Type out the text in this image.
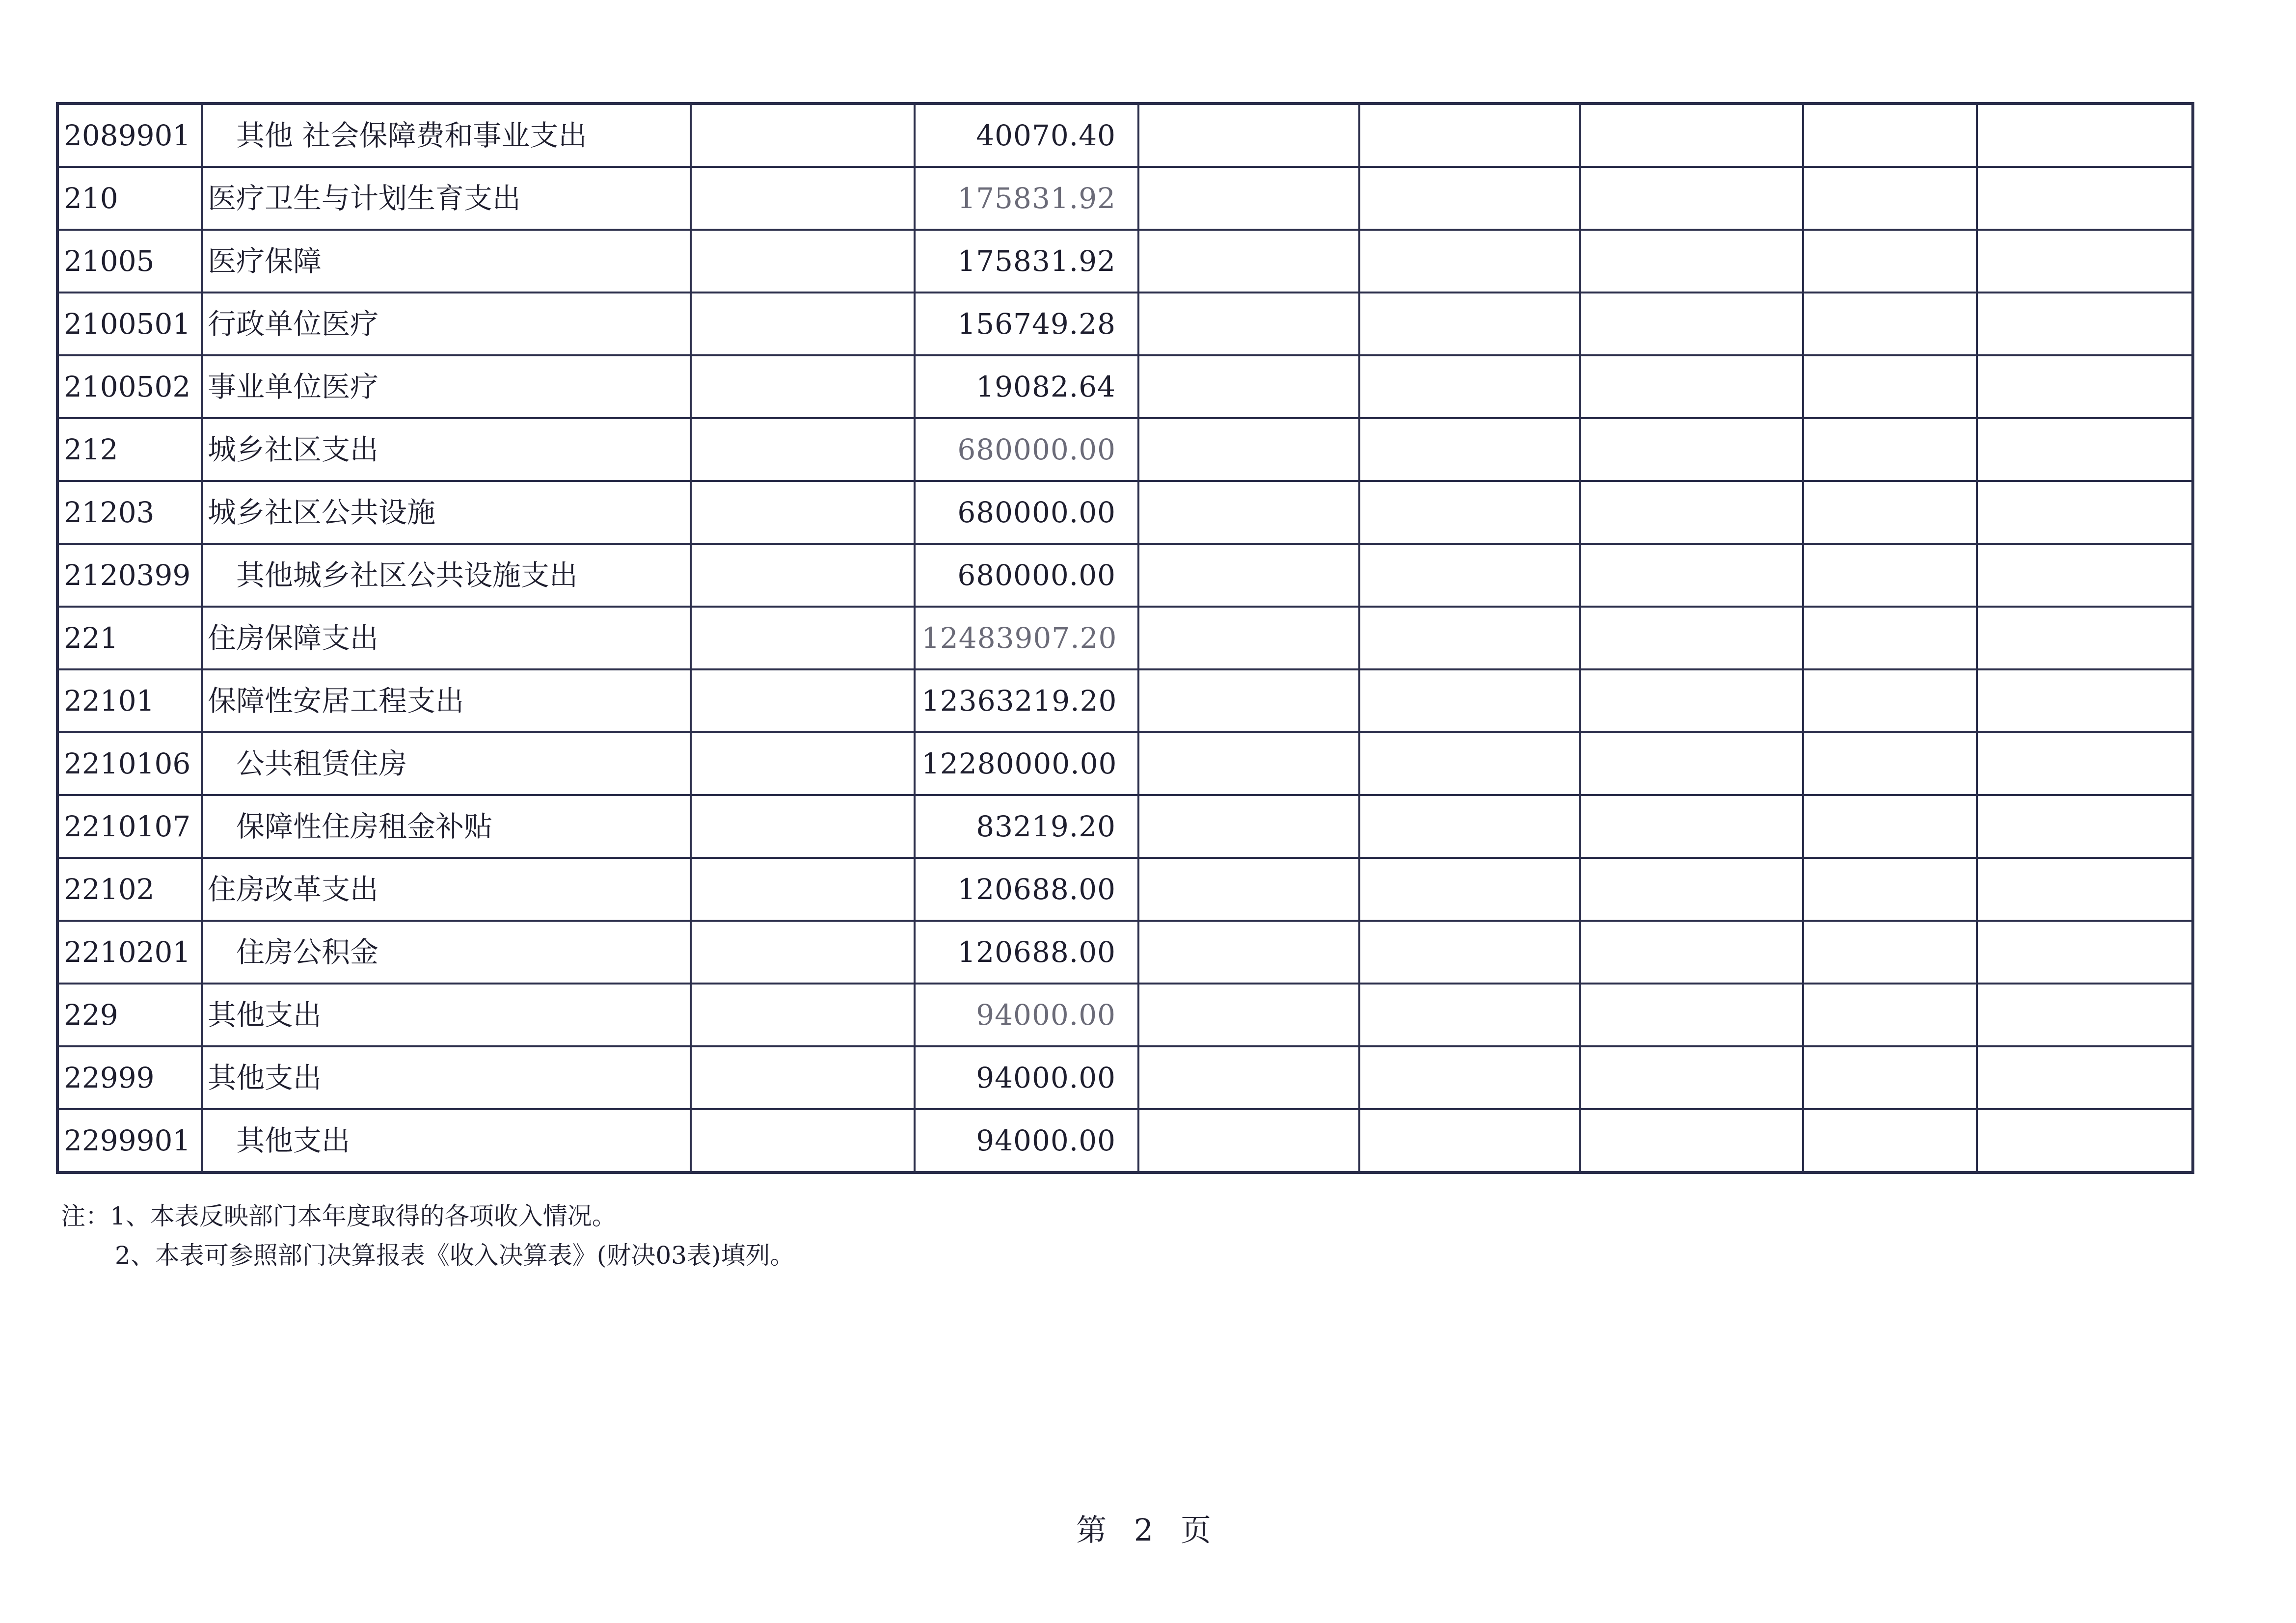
2089901	其他 社会保障费和事业支出		40070.40					
210	医疗卫生与计划生育支出		175831.92					
21005	医疗保障		175831.92					
2100501	行政单位医疗		156749.28					
2100502	事业单位医疗		19082.64					
212	城乡社区支出		680000.00					
21203	城乡社区公共设施		680000.00					
2120399	其他城乡社区公共设施支出		680000.00					
221	住房保障支出		12483907.20					
22101	保障性安居工程支出		12363219.20					
2210106	公共租赁住房		12280000.00					
2210107	保障性住房租金补贴		83219.20					
22102	住房改革支出		120688.00					
2210201	住房公积金		120688.00					
229	其他支出		94000.00					
22999	其他支出		94000.00					
2299901	其他支出		94000.00					
注：1、本表反映部门本年度取得的各项收入情况。
2、本表可参照部门决算报表《收入决算表》(财决03表)填列。
第 2 页
